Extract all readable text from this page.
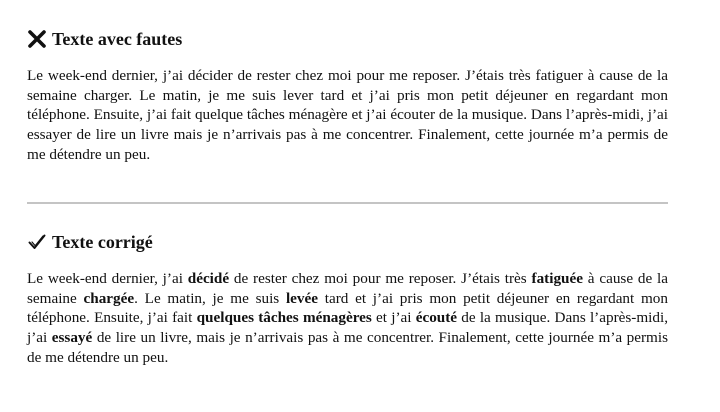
Texte avec fautes

Le week-end dernier, j’ai décider de rester chez moi pour me reposer. J’étais très fatiguer à cause de la semaine charger. Le matin, je me suis lever tard et j’ai pris mon petit déjeuner en regardant mon téléphone. Ensuite, j’ai fait quelque tâches ménagère et j’ai écouter de la musique. Dans l’après-midi, j’ai essayer de lire un livre mais je n’arrivais pas à me concentrer. Finalement, cette journée m’a permis de me détendre un peu.

Texte corrigé

Le week-end dernier, j’ai décidé de rester chez moi pour me reposer. J’étais très fatiguée à cause de la semaine chargée. Le matin, je me suis levée tard et j’ai pris mon petit déjeuner en regardant mon téléphone. Ensuite, j’ai fait quelques tâches ménagères et j’ai écouté de la musique. Dans l’après-midi, j’ai essayé de lire un livre, mais je n’arrivais pas à me concentrer. Finalement, cette journée m’a permis de me détendre un peu.
